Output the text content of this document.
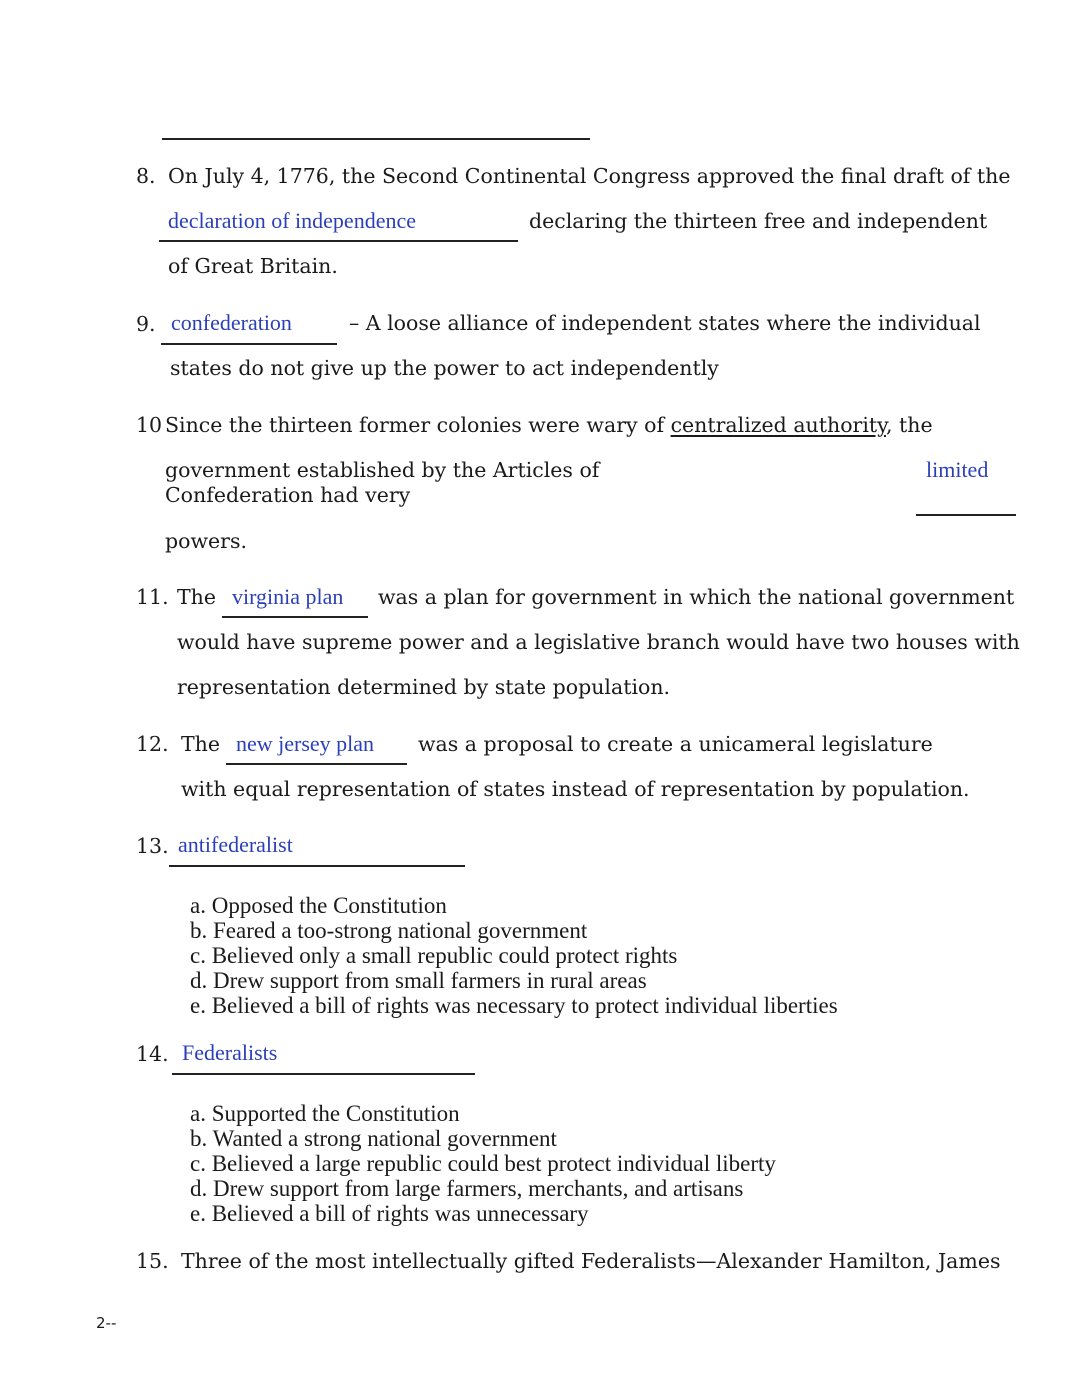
8. On July 4, 1776, the Second Continental Congress approved the final draft of the
declaration of independence	declaring the thirteen free and independent
of Great Britain.
9. confederation	– A loose alliance of independent states where the individual
states do not give up the power to act independently
10 Since the thirteen former colonies were wary of centralized authority, the
government established by the Articles of
Confederation had very
limited
powers.
11. The virginia plan was a plan for government in which the national government
would have supreme power and a legislative branch would have two houses with
representation determined by state population.
12. The new jersey plan was a proposal to create a unicameral legislature
with equal representation of states instead of representation by population.
13. antifederalist
a. Opposed the Constitution
b. Feared a too-strong national government
c. Believed only a small republic could protect rights
d. Drew support from small farmers in rural areas
e. Believed a bill of rights was necessary to protect individual liberties
14. Federalists
a. Supported the Constitution
b. Wanted a strong national government
c. Believed a large republic could best protect individual liberty
d. Drew support from large farmers, merchants, and artisans
e. Believed a bill of rights was unnecessary
15. Three of the most intellectually gifted Federalists—Alexander Hamilton, James
2--
